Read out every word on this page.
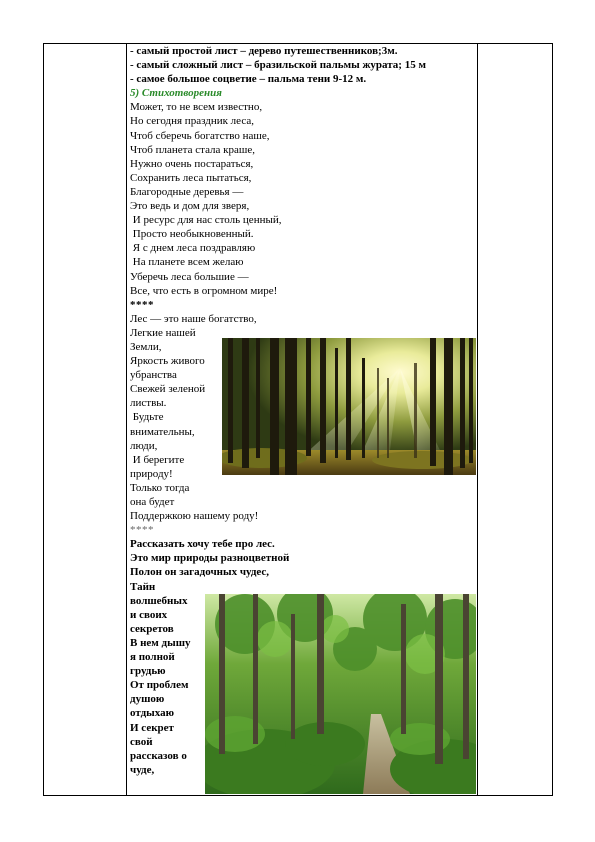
- самый простой лист – дерево путешественников;3м.
- самый сложный лист – бразильской пальмы журата; 15 м
- самое большое соцветие – пальма тени 9-12 м.
5) Стихотворения
Может, то не всем известно,
Но сегодня праздник леса,
Чтоб сберечь богатство наше,
Чтоб планета стала краше,
Нужно очень постараться,
Сохранить леса пытаться,
Благородные деревья —
Это ведь и дом для зверя,
И ресурс для нас столь ценный,
Просто необыкновенный.
Я с днем леса поздравляю
На планете всем желаю
Уберечь леса большие —
Все, что есть в огромном мире!
****
Лес — это наше богатство,
Легкие нашей
Земли,
Яркость живого
убранства
Свежей зеленой
листвы.
Будьте
внимательны,
люди,
И берегите
природу!
Только тогда
она будет
Поддержкою нашему роду!
****
Рассказать хочу тебе про лес.
Это мир природы разноцветной
Полон он загадочных чудес,
Тайн
волшебных
и своих
секретов
В нем дышу
я полной
грудью
От проблем
душою
отдыхаю
И секрет
свой
рассказов о
чуде,
